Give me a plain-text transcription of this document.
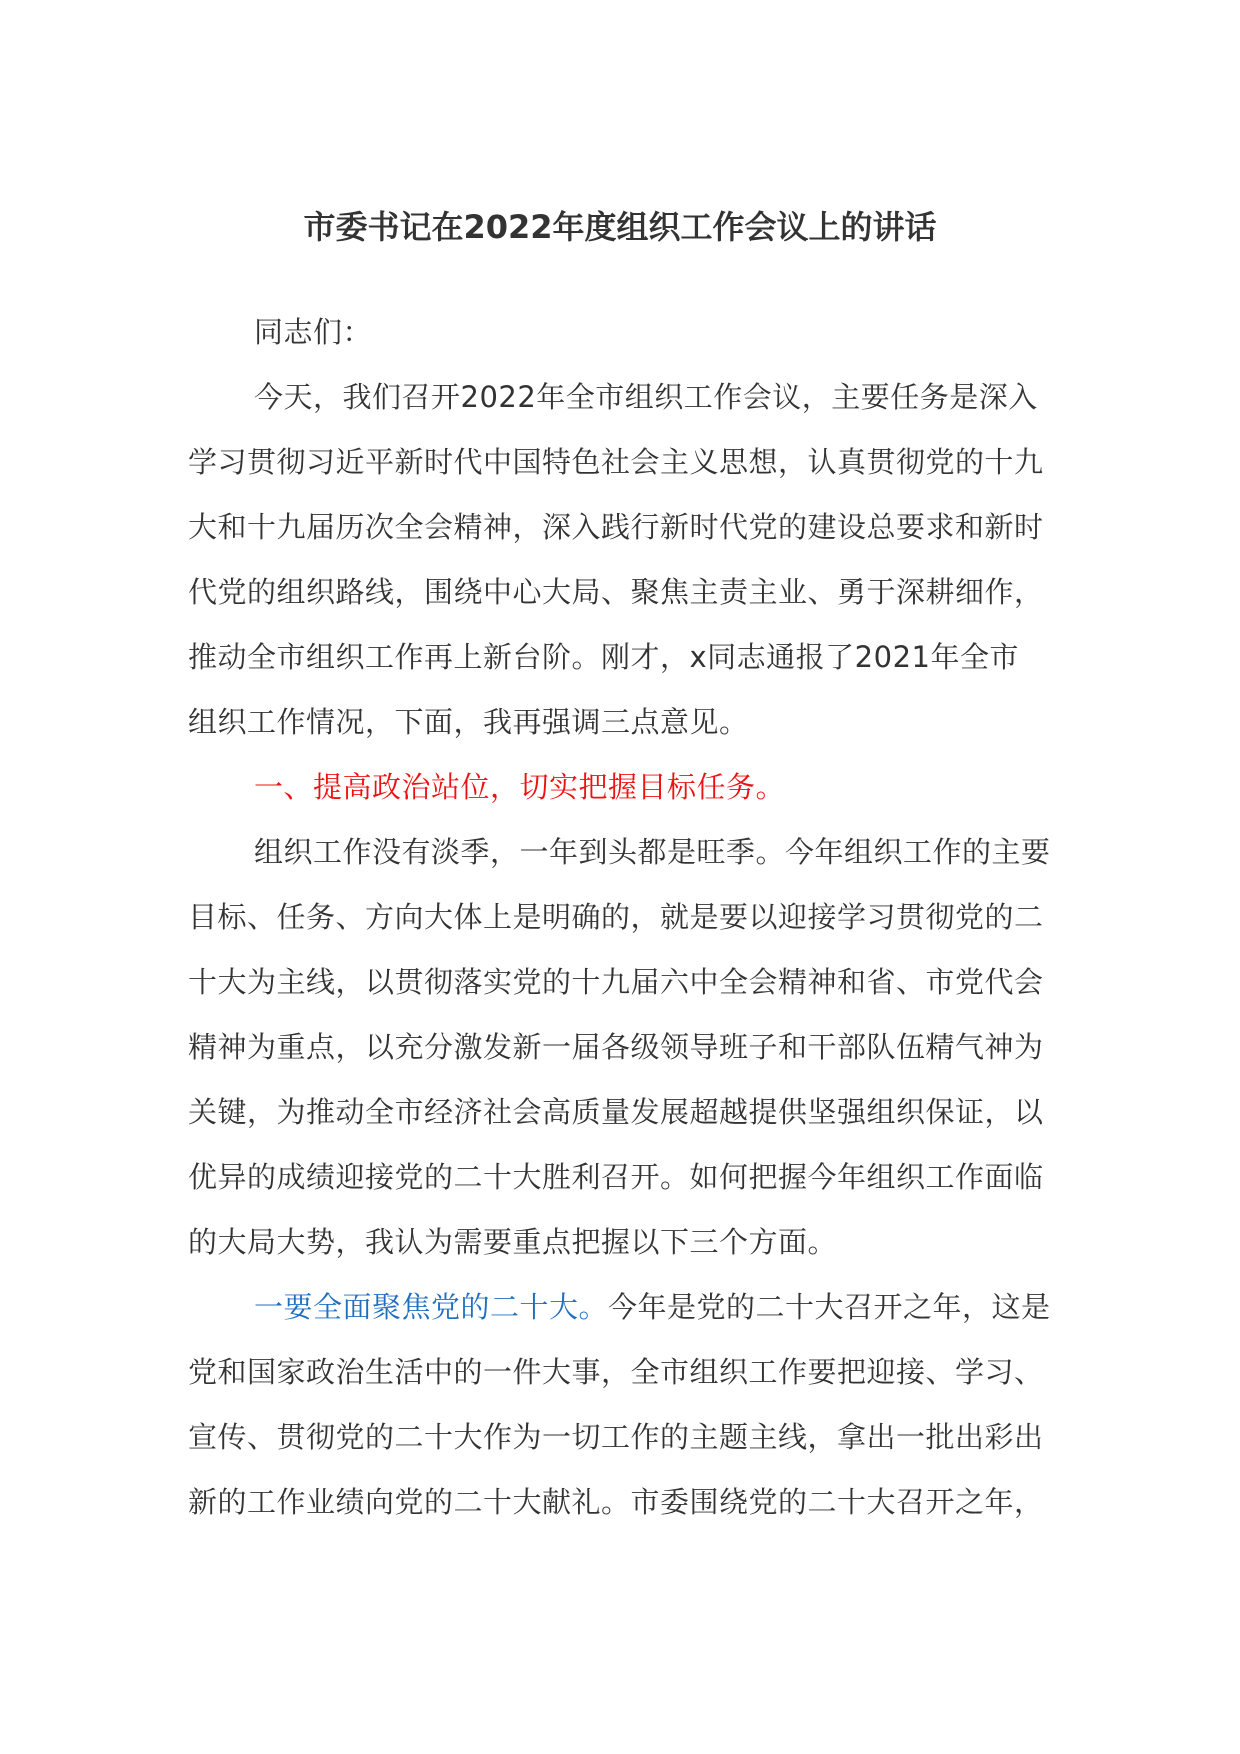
市委书记在2022年度组织工作会议上的讲话
同志们：
今天，我们召开2022年全市组织工作会议，主要任务是深入
学习贯彻习近平新时代中国特色社会主义思想，认真贯彻党的十九
大和十九届历次全会精神，深入践行新时代党的建设总要求和新时
代党的组织路线，围绕中心大局、聚焦主责主业、勇于深耕细作，
推动全市组织工作再上新台阶。刚才，x同志通报了2021年全市
组织工作情况，下面，我再强调三点意见。
一、提高政治站位，切实把握目标任务。
组织工作没有淡季，一年到头都是旺季。今年组织工作的主要
目标、任务、方向大体上是明确的，就是要以迎接学习贯彻党的二
十大为主线，以贯彻落实党的十九届六中全会精神和省、市党代会
精神为重点，以充分激发新一届各级领导班子和干部队伍精气神为
关键，为推动全市经济社会高质量发展超越提供坚强组织保证，以
优异的成绩迎接党的二十大胜利召开。如何把握今年组织工作面临
的大局大势，我认为需要重点把握以下三个方面。
一要全面聚焦党的二十大。今年是党的二十大召开之年，这是
党和国家政治生活中的一件大事，全市组织工作要把迎接、学习、
宣传、贯彻党的二十大作为一切工作的主题主线，拿出一批出彩出
新的工作业绩向党的二十大献礼。市委围绕党的二十大召开之年，
